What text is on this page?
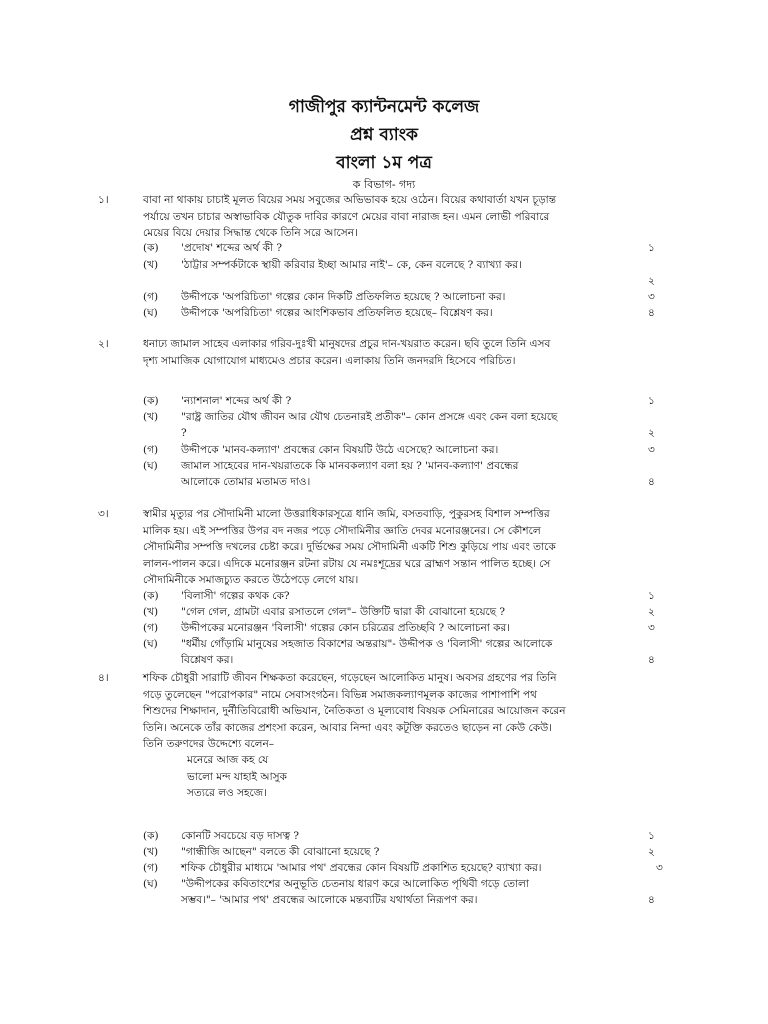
গাজীপুর ক্যান্টনমেন্ট কলেজ
প্রশ্ন ব্যাংক
বাংলা ১ম পত্র
ক বিভাগ- গদ্য
১।	বাবা না থাকায় চাচাই মূলত বিয়ের সময় সবুজের অভিভাবক হয়ে ওঠেন। বিয়ের কথাবার্তা যখন চূড়ান্ত
পর্যায়ে তখন চাচার অস্বাভাবিক যৌতুক দাবির কারণে মেয়ের বাবা নারাজ হন। এমন লোভী পরিবারে
মেয়ের বিয়ে দেয়ার সিদ্ধান্ত থেকে তিনি সরে আসেন।
(ক)	'প্রদোষ' শব্দের অর্থ কী ?	১
(খ)	'ঠাট্টার সম্পর্কটাকে স্থায়ী করিবার ইচ্ছা আমার নাই'– কে, কেন বলেছে ? ব্যাখ্যা কর।
২
(গ)	উদ্দীপকে 'অপরিচিতা' গল্পের কোন দিকটি প্রতিফলিত হয়েছে ? আলোচনা কর।	৩
(ঘ)	উদ্দীপকে 'অপরিচিতা' গল্পের আংশিকভাব প্রতিফলিত হয়েছে– বিশ্লেষণ কর।	৪
২।	ধনাঢ্য জামাল সাহেব এলাকার গরিব-দুঃখী মানুষদের প্রচুর দান-খয়রাত করেন। ছবি তুলে তিনি এসব
দৃশ্য সামাজিক যোগাযোগ মাধ্যমেও প্রচার করেন। এলাকায় তিনি জনদরদি হিসেবে পরিচিত।
(ক)	'ন্যাশনাল' শব্দের অর্থ কী ?	১
(খ)	"রাষ্ট্র জাতির যৌথ জীবন আর যৌথ চেতনারই প্রতীক"– কোন প্রসঙ্গে এবং কেন বলা হয়েছে
?	২
(গ)	উদ্দীপকে 'মানব-কল্যাণ' প্রবন্ধের কোন বিষয়টি উঠে এসেছে? আলোচনা কর।	৩
(ঘ)	জামাল সাহেবের দান-খয়রাতকে কি মানবকল্যাণ বলা হয় ? 'মানব-কল্যাণ' প্রবন্ধের
আলোকে তোমার মতামত দাও।	৪
৩।	স্বামীর মৃত্যুর পর সৌদামিনী মালো উত্তরাধিকারসূত্রে ধানি জমি, বসতবাড়ি, পুকুরসহ বিশাল সম্পত্তির
মালিক হয়। এই সম্পত্তির উপর বদ নজর পড়ে সৌদামিনীর জ্ঞাতি দেবর মনোরঞ্জনের। সে কৌশলে
সৌদামিনীর সম্পত্তি দখলের চেষ্টা করে। দুর্ভিক্ষের সময় সৌদামিনী একটি শিশু কুড়িয়ে পায় এবং তাকে
লালন-পালন করে। এদিকে মনোরঞ্জন রটনা রটায় যে নমঃশূদ্রের ঘরে ব্রাহ্মণ সন্তান পালিত হচ্ছে। সে
সৌদামিনীকে সমাজচ্যুত করতে উঠেপড়ে লেগে যায়।
(ক)	'বিলাসী' গল্পের কথক কে?	১
(খ)	"গেল গেল, গ্রামটা এবার রসাতলে গেল"– উক্তিটি দ্বারা কী বোঝানো হয়েছে ?	২
(গ)	উদ্দীপকের মনোরঞ্জন 'বিলাসী' গল্পের কোন চরিত্রের প্রতিচ্ছবি ? আলোচনা কর।	৩
(ঘ)	"ধর্মীয় গোঁড়ামি মানুষের সহজাত বিকাশের অন্তরায়"- উদ্দীপক ও 'বিলাসী' গল্পের আলোকে
বিশ্লেষণ কর।	৪
৪।	শফিক চৌধুরী সারাটি জীবন শিক্ষকতা করেছেন, গড়েছেন আলোকিত মানুষ। অবসর গ্রহণের পর তিনি
গড়ে তুলেছেন "পরোপকার" নামে সেবাসংগঠন। বিভিন্ন সমাজকল্যাণমূলক কাজের পাশাপাশি পথ
শিশুদের শিক্ষাদান, দুর্নীতিবিরোধী অভিযান, নৈতিকতা ও মূল্যবোধ বিষয়ক সেমিনারের আয়োজন করেন
তিনি। অনেকে তাঁর কাজের প্রশংসা করেন, আবার নিন্দা এবং কটূক্তি করতেও ছাড়েন না কেউ কেউ।
তিনি তরুণদের উদ্দেশ্যে বলেন–
মনেরে আজ কহ যে
ভালো মন্দ যাহাই আসুক
সত্যরে লও সহজে।
(ক)	কোনটি সবচেয়ে বড় দাসত্ব ?	১
(খ)	"গান্ধীজি আছেন" বলতে কী বোঝানো হয়েছে ?	২
(গ)	শফিক চৌধুরীর মাধ্যমে 'আমার পথ' প্রবন্ধের কোন বিষয়টি প্রকাশিত হয়েছে? ব্যাখ্যা কর।	৩
(ঘ)	"উদ্দীপকের কবিতাংশের অনুভূতি চেতনায় ধারণ করে আলোকিত পৃথিবী গড়ে তোলা
সম্ভব।"– 'আমার পথ' প্রবন্ধের আলোকে মন্তব্যটির যথার্থতা নিরূপণ কর।	৪
